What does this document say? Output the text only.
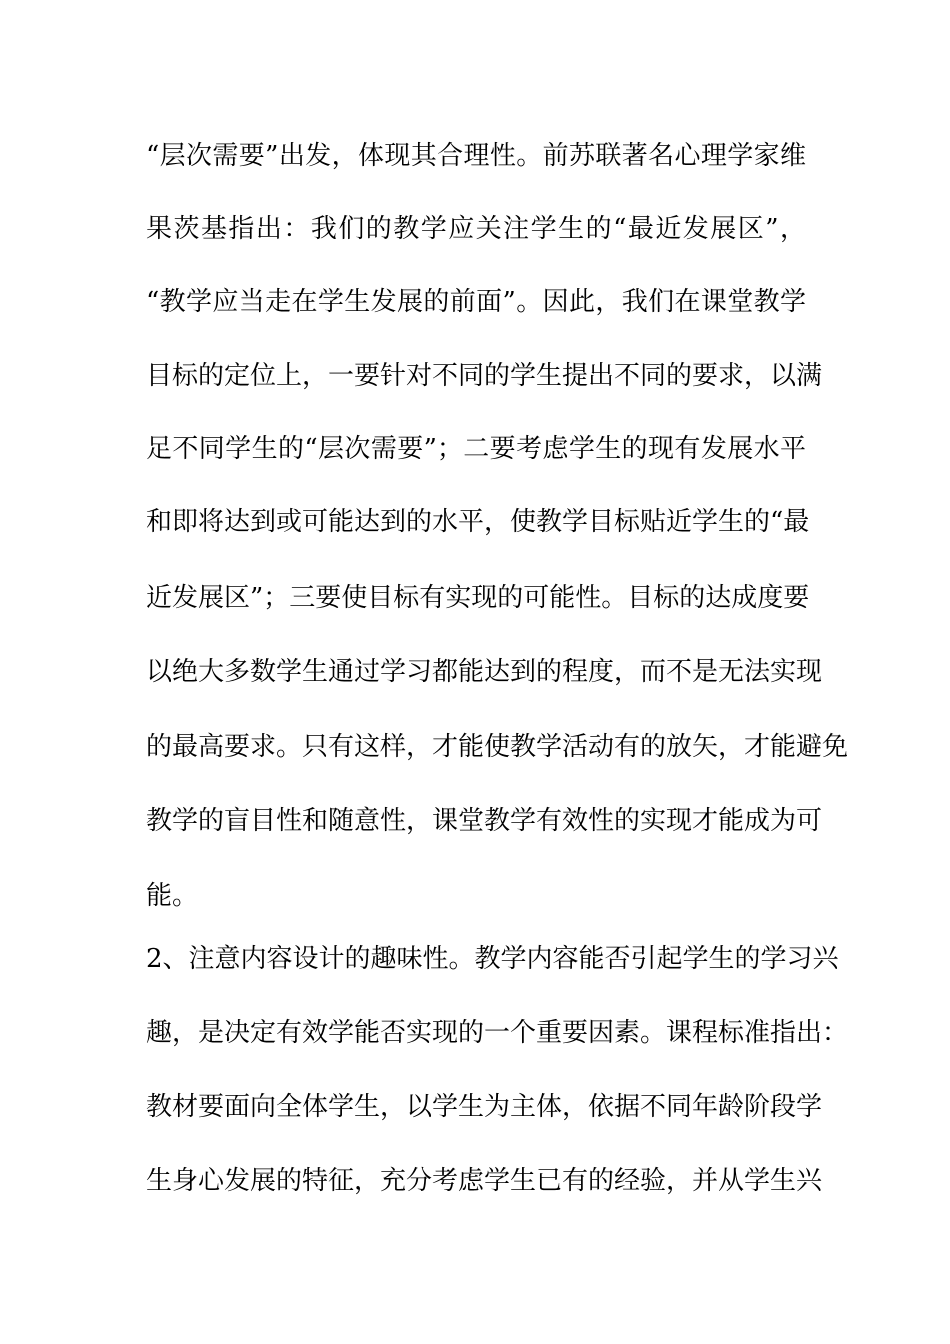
“层次需要”出发，体现其合理性。前苏联著名心理学家维
果茨基指出：我们的教学应关注学生的“最近发展区”，
“教学应当走在学生发展的前面”。因此，我们在课堂教学
目标的定位上，一要针对不同的学生提出不同的要求，以满
足不同学生的“层次需要”；二要考虑学生的现有发展水平
和即将达到或可能达到的水平，使教学目标贴近学生的“最
近发展区”；三要使目标有实现的可能性。目标的达成度要
以绝大多数学生通过学习都能达到的程度，而不是无法实现
的最高要求。只有这样，才能使教学活动有的放矢，才能避免
教学的盲目性和随意性，课堂教学有效性的实现才能成为可
能。
2、注意内容设计的趣味性。教学内容能否引起学生的学习兴
趣，是决定有效学能否实现的一个重要因素。课程标准指出：
教材要面向全体学生，以学生为主体，依据不同年龄阶段学
生身心发展的特征，充分考虑学生已有的经验，并从学生兴
